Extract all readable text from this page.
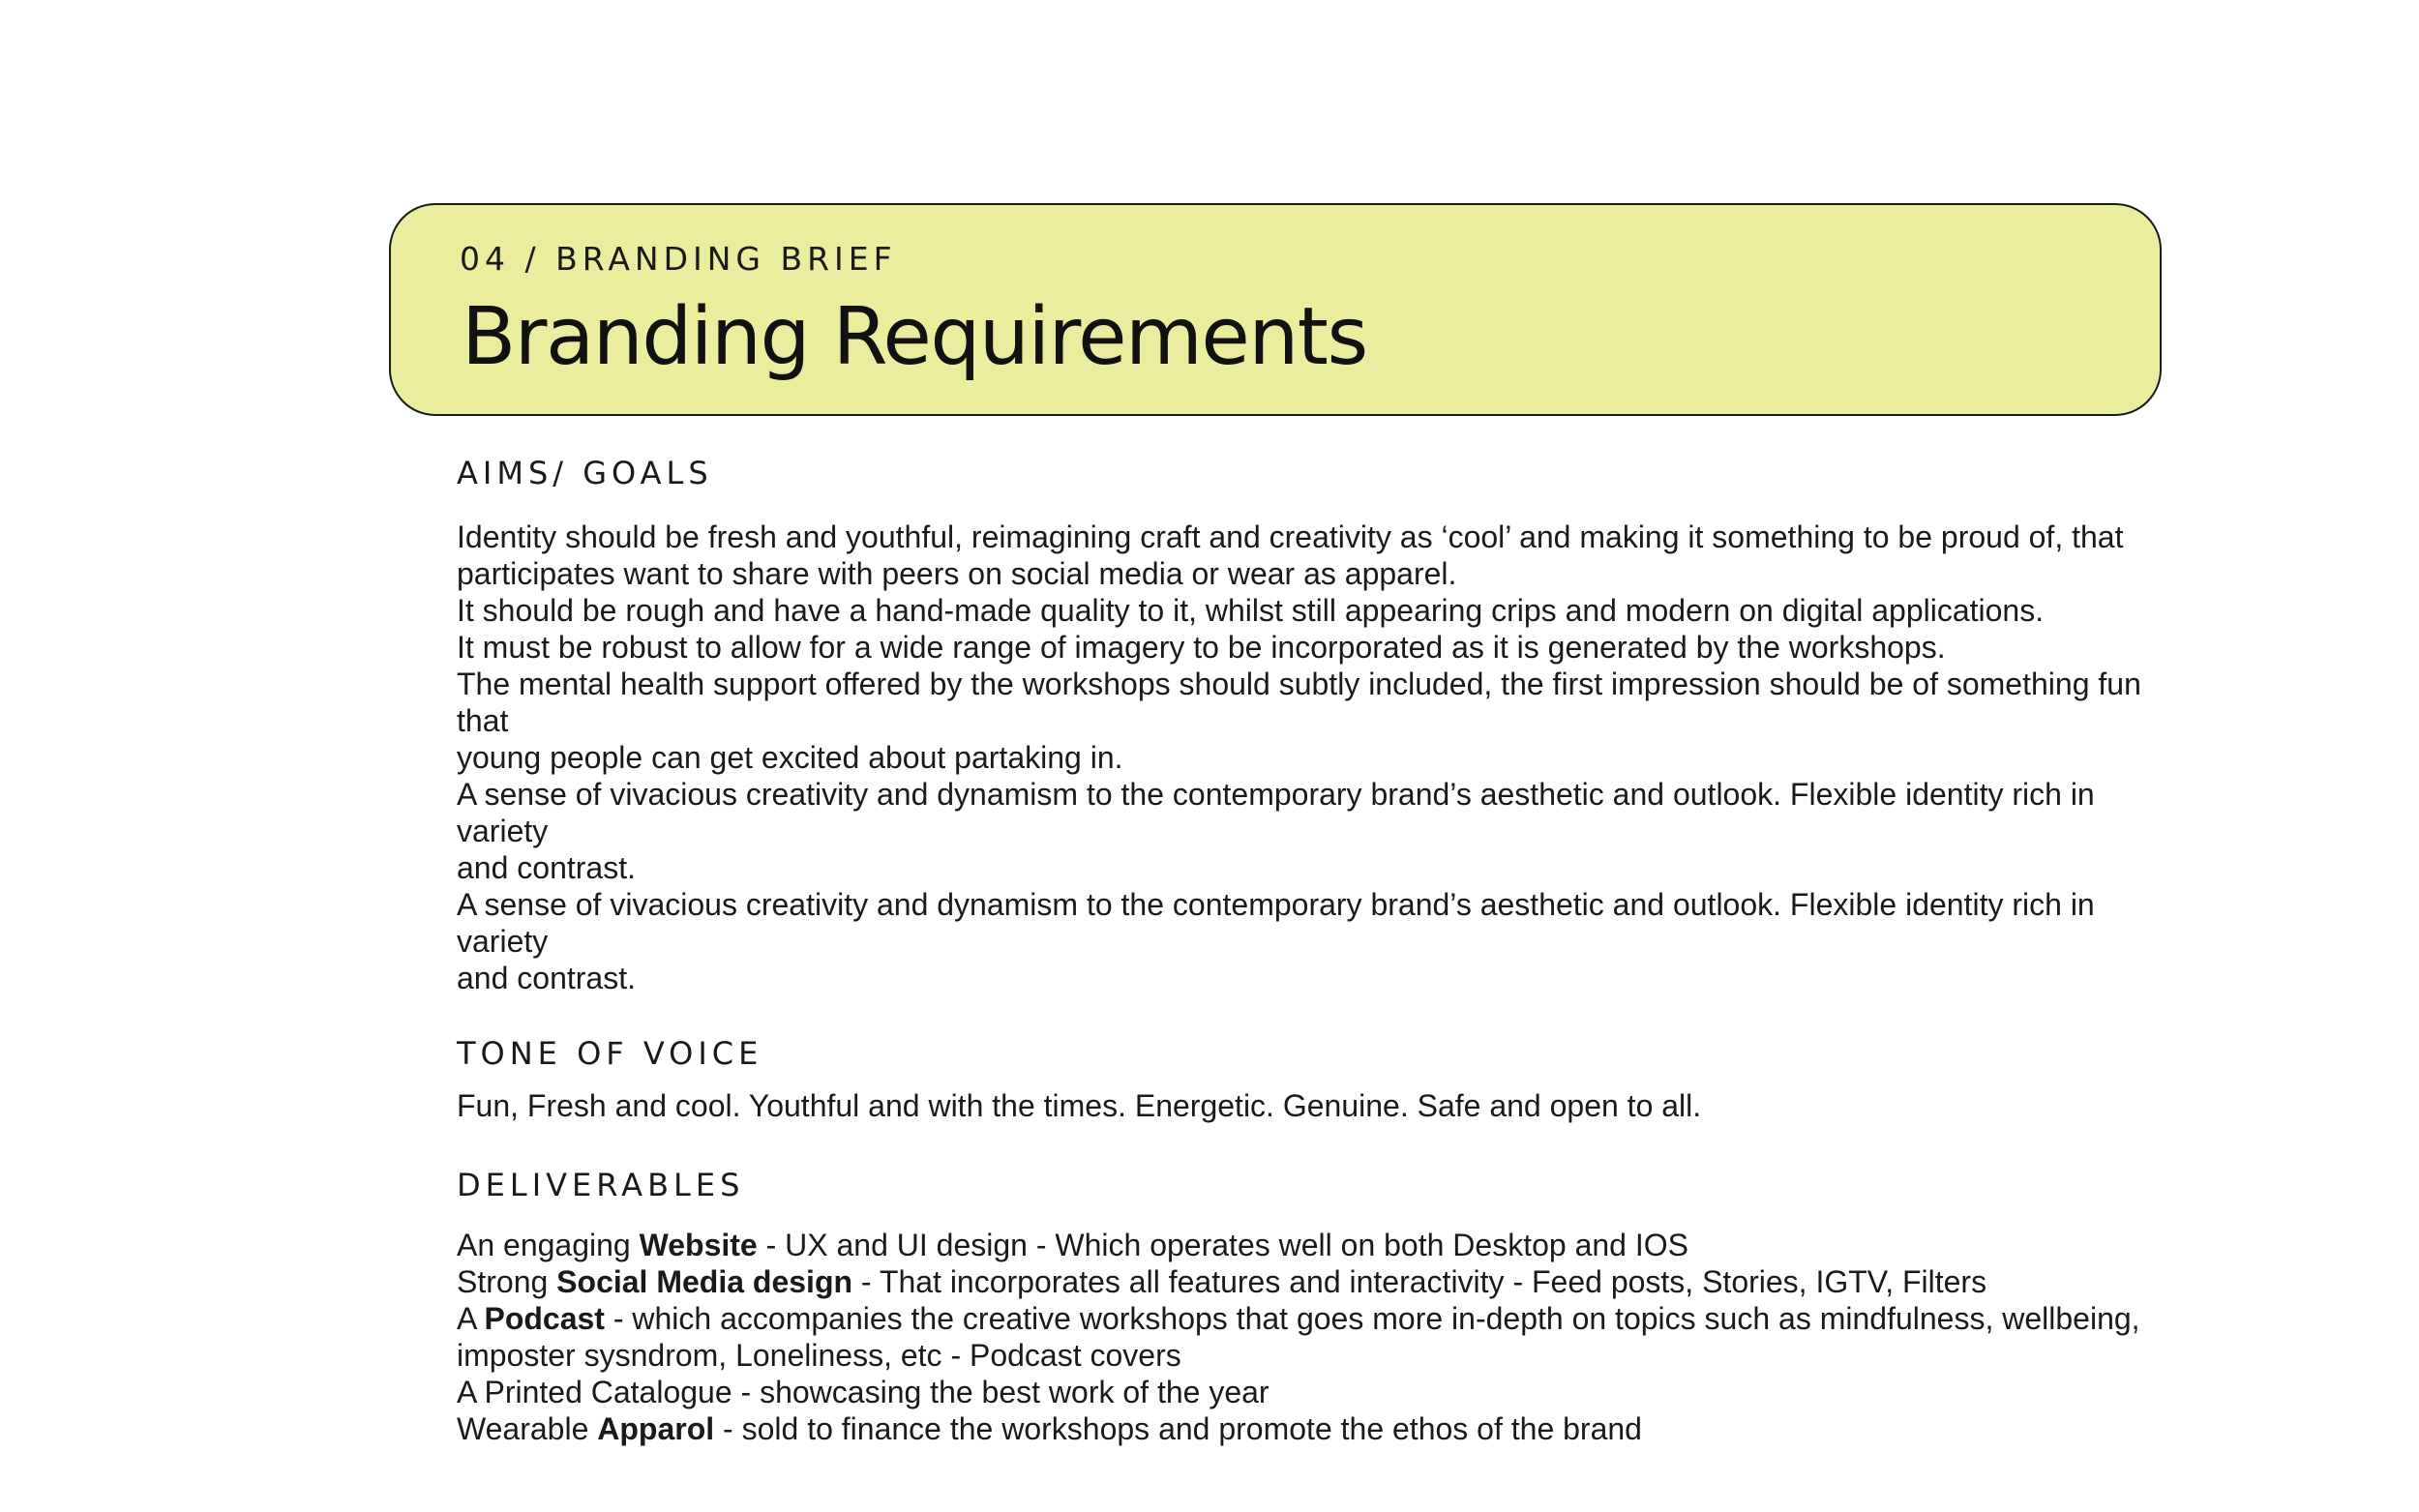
04 / BRANDING BRIEF
Branding Requirements
AIMS/ GOALS

Identity should be fresh and youthful, reimagining craft and creativity as ‘cool’ and making it something to be proud of, that
participates want to share with peers on social media or wear as apparel.
It should be rough and have a hand-made quality to it, whilst still appearing crips and modern on digital applications.
It must be robust to allow for a wide range of imagery to be incorporated as it is generated by the workshops.
The mental health support offered by the workshops should subtly included, the first impression should be of something fun that
young people can get excited about partaking in.
A sense of vivacious creativity and dynamism to the contemporary brand’s aesthetic and outlook. Flexible identity rich in variety
and contrast.
A sense of vivacious creativity and dynamism to the contemporary brand’s aesthetic and outlook. Flexible identity rich in variety
and contrast.

TONE OF VOICE

Fun, Fresh and cool. Youthful and with the times. Energetic. Genuine. Safe and open to all.

DELIVERABLES

An engaging Website - UX and UI design - Which operates well on both Desktop and IOS
Strong Social Media design - That incorporates all features and interactivity - Feed posts, Stories, IGTV, Filters
A Podcast - which accompanies the creative workshops that goes more in-depth on topics such as mindfulness, wellbeing,
imposter sysndrom, Loneliness, etc - Podcast covers
A Printed Catalogue - showcasing the best work of the year
Wearable Apparol - sold to finance the workshops and promote the ethos of the brand
